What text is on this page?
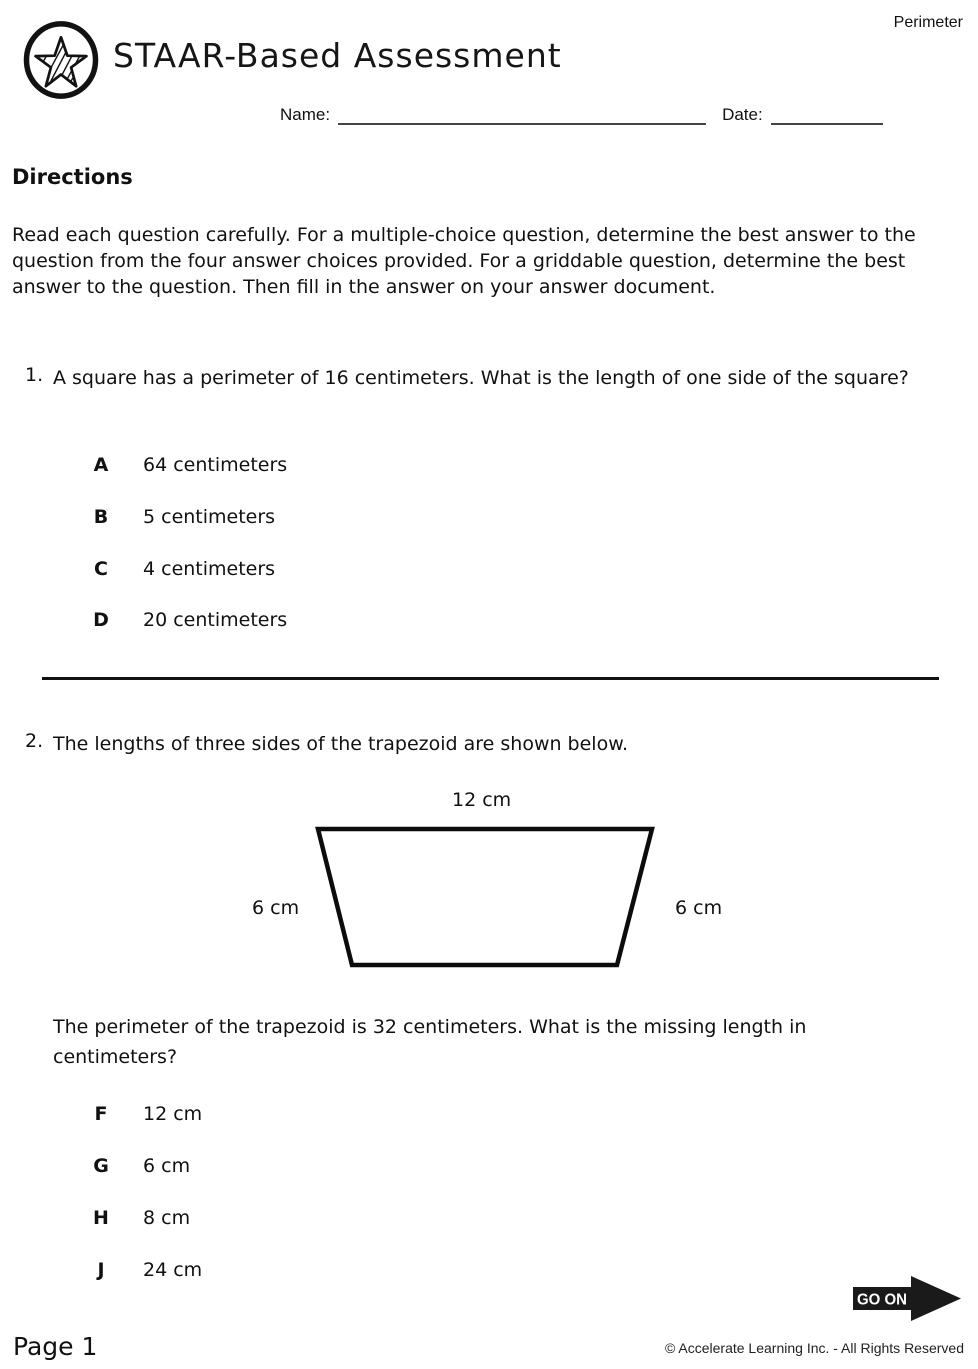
Perimeter
STAAR-Based Assessment
Name:	Date:
Directions

Read each question carefully. For a multiple-choice question, determine the best answer to the question from the four answer choices provided. For a griddable question, determine the best answer to the question. Then fill in the answer on your answer document.

1. A square has a perimeter of 16 centimeters. What is the length of one side of the square?
A	64 centimeters
B	5 centimeters
C	4 centimeters
D	20 centimeters
2. The lengths of three sides of the trapezoid are shown below.
12 cm
6 cm	6 cm
The perimeter of the trapezoid is 32 centimeters. What is the missing length in centimeters?
F	12 cm
G	6 cm
H	8 cm
J	24 cm
GO ON
Page 1	© Accelerate Learning Inc. - All Rights Reserved
